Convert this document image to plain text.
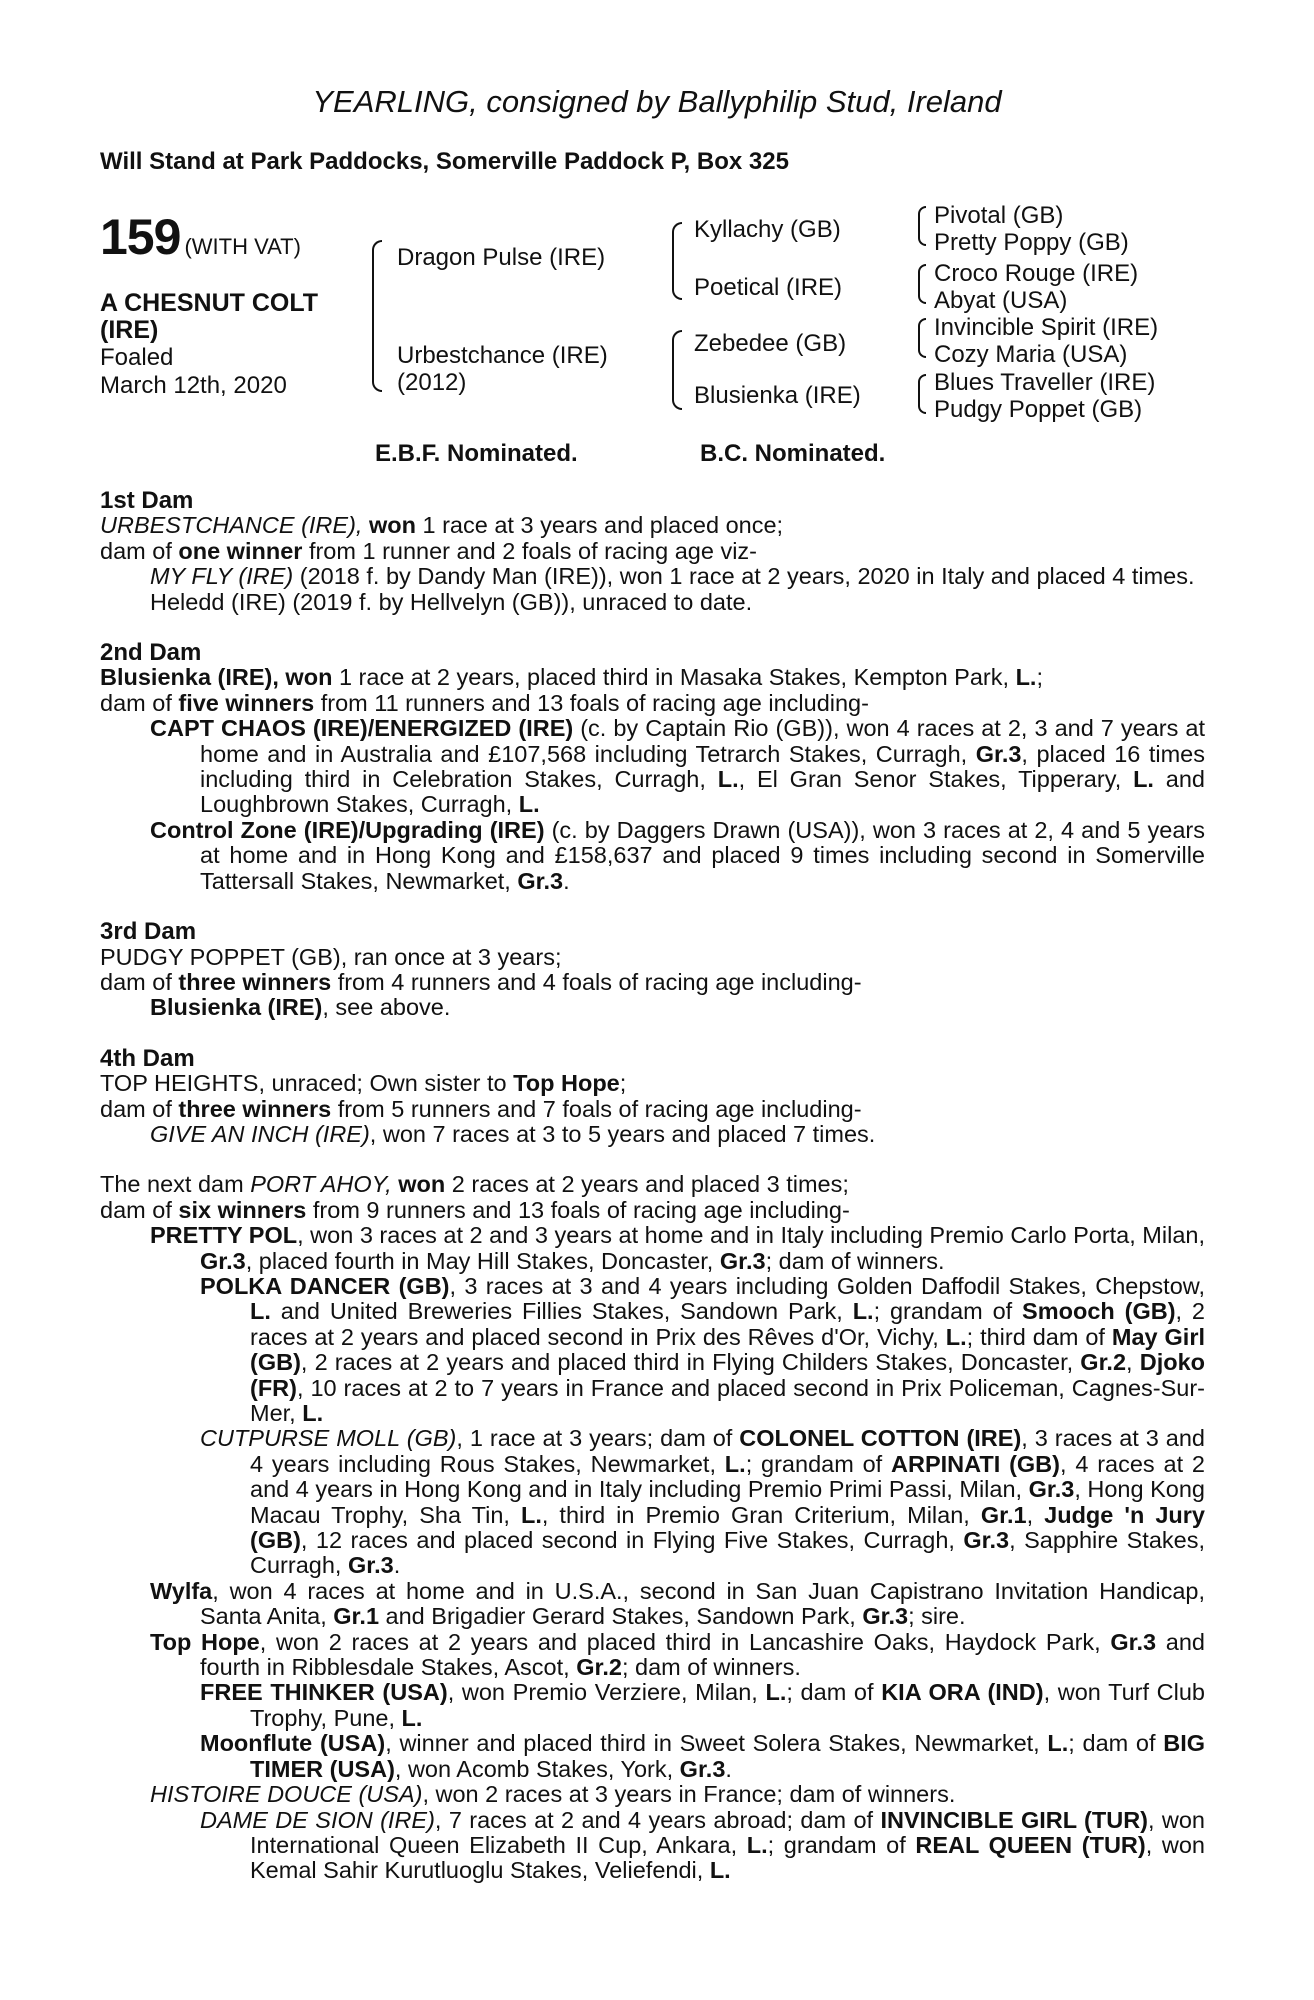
YEARLING, consigned by Ballyphilip Stud, Ireland
Will Stand at Park Paddocks, Somerville Paddock P, Box 325
159 (WITH VAT)
A CHESNUT COLT
(IRE)
Foaled
March 12th, 2020
Dragon Pulse (IRE)
Urbestchance (IRE)
(2012)
Kyllachy (GB)
Poetical (IRE)
Zebedee (GB)
Blusienka (IRE)
Pivotal (GB)
Pretty Poppy (GB)
Croco Rouge (IRE)
Abyat (USA)
Invincible Spirit (IRE)
Cozy Maria (USA)
Blues Traveller (IRE)
Pudgy Poppet (GB)
E.B.F. Nominated.	B.C. Nominated.

1st Dam

URBESTCHANCE (IRE), won 1 race at 3 years and placed once;

dam of one winner from 1 runner and 2 foals of racing age viz-

MY FLY (IRE) (2018 f. by Dandy Man (IRE)), won 1 race at 2 years, 2020 in Italy and placed 4 times.

Heledd (IRE) (2019 f. by Hellvelyn (GB)), unraced to date.

2nd Dam

Blusienka (IRE), won 1 race at 2 years, placed third in Masaka Stakes, Kempton Park, L.;

dam of five winners from 11 runners and 13 foals of racing age including-

CAPT CHAOS (IRE)/ENERGIZED (IRE) (c. by Captain Rio (GB)), won 4 races at 2, 3 and 7 years at home and in Australia and £107,568 including Tetrarch Stakes, Curragh, Gr.3, placed 16 times including third in Celebration Stakes, Curragh, L., El Gran Senor Stakes, Tipperary, L. and Loughbrown Stakes, Curragh, L.

Control Zone (IRE)/Upgrading (IRE) (c. by Daggers Drawn (USA)), won 3 races at 2, 4 and 5 years at home and in Hong Kong and £158,637 and placed 9 times including second in Somerville Tattersall Stakes, Newmarket, Gr.3.

3rd Dam

PUDGY POPPET (GB), ran once at 3 years;

dam of three winners from 4 runners and 4 foals of racing age including-

Blusienka (IRE), see above.

4th Dam

TOP HEIGHTS, unraced; Own sister to Top Hope;

dam of three winners from 5 runners and 7 foals of racing age including-

GIVE AN INCH (IRE), won 7 races at 3 to 5 years and placed 7 times.

The next dam PORT AHOY, won 2 races at 2 years and placed 3 times;

dam of six winners from 9 runners and 13 foals of racing age including-

PRETTY POL, won 3 races at 2 and 3 years at home and in Italy including Premio Carlo Porta, Milan, Gr.3, placed fourth in May Hill Stakes, Doncaster, Gr.3; dam of winners.

POLKA DANCER (GB), 3 races at 3 and 4 years including Golden Daffodil Stakes, Chepstow, L. and United Breweries Fillies Stakes, Sandown Park, L.; grandam of Smooch (GB), 2 races at 2 years and placed second in Prix des Rêves d'Or, Vichy, L.; third dam of May Girl (GB), 2 races at 2 years and placed third in Flying Childers Stakes, Doncaster, Gr.2, Djoko (FR), 10 races at 2 to 7 years in France and placed second in Prix Policeman, Cagnes-Sur-Mer, L.

CUTPURSE MOLL (GB), 1 race at 3 years; dam of COLONEL COTTON (IRE), 3 races at 3 and 4 years including Rous Stakes, Newmarket, L.; grandam of ARPINATI (GB), 4 races at 2 and 4 years in Hong Kong and in Italy including Premio Primi Passi, Milan, Gr.3, Hong Kong Macau Trophy, Sha Tin, L., third in Premio Gran Criterium, Milan, Gr.1, Judge 'n Jury (GB), 12 races and placed second in Flying Five Stakes, Curragh, Gr.3, Sapphire Stakes, Curragh, Gr.3.

Wylfa, won 4 races at home and in U.S.A., second in San Juan Capistrano Invitation Handicap, Santa Anita, Gr.1 and Brigadier Gerard Stakes, Sandown Park, Gr.3; sire.

Top Hope, won 2 races at 2 years and placed third in Lancashire Oaks, Haydock Park, Gr.3 and fourth in Ribblesdale Stakes, Ascot, Gr.2; dam of winners.

FREE THINKER (USA), won Premio Verziere, Milan, L.; dam of KIA ORA (IND), won Turf Club Trophy, Pune, L.

Moonflute (USA), winner and placed third in Sweet Solera Stakes, Newmarket, L.; dam of BIG TIMER (USA), won Acomb Stakes, York, Gr.3.

HISTOIRE DOUCE (USA), won 2 races at 3 years in France; dam of winners.

DAME DE SION (IRE), 7 races at 2 and 4 years abroad; dam of INVINCIBLE GIRL (TUR), won International Queen Elizabeth II Cup, Ankara, L.; grandam of REAL QUEEN (TUR), won Kemal Sahir Kurutluoglu Stakes, Veliefendi, L.
